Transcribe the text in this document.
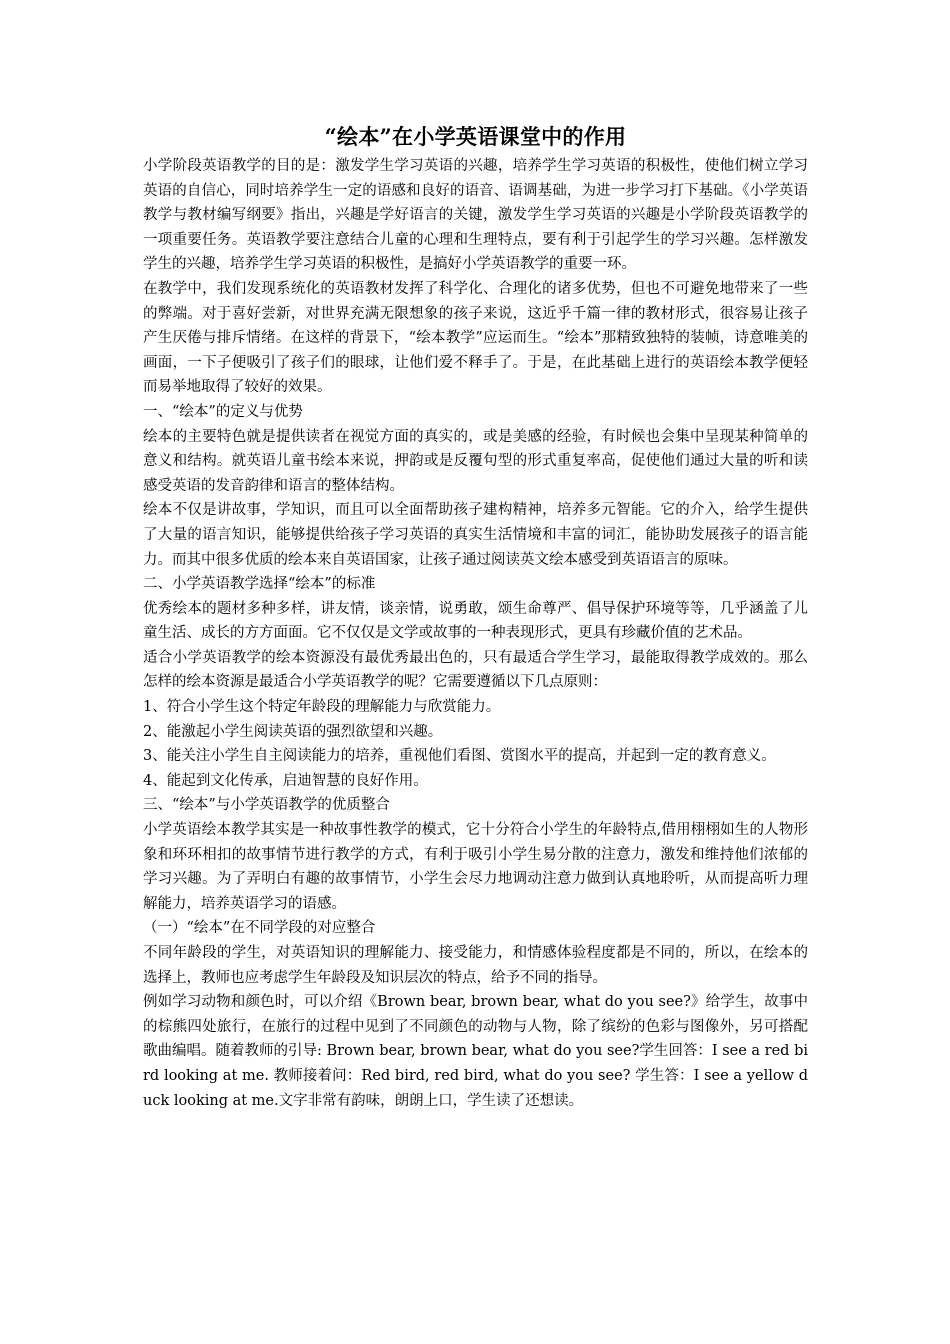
“绘本”在小学英语课堂中的作用

小学阶段英语教学的目的是：激发学生学习英语的兴趣，培养学生学习英语的积极性，使他们树立学习英语的自信心，同时培养学生一定的语感和良好的语音、语调基础，为进一步学习打下基础。《小学英语教学与教材编写纲要》指出，兴趣是学好语言的关键，激发学生学习英语的兴趣是小学阶段英语教学的一项重要任务。英语教学要注意结合儿童的心理和生理特点，要有利于引起学生的学习兴趣。怎样激发学生的兴趣，培养学生学习英语的积极性，是搞好小学英语教学的重要一环。

在教学中，我们发现系统化的英语教材发挥了科学化、合理化的诸多优势，但也不可避免地带来了一些的弊端。对于喜好尝新，对世界充满无限想象的孩子来说，这近乎千篇一律的教材形式，很容易让孩子产生厌倦与排斥情绪。在这样的背景下，“绘本教学”应运而生。“绘本”那精致独特的装帧，诗意唯美的画面，一下子便吸引了孩子们的眼球，让他们爱不释手了。于是，在此基础上进行的英语绘本教学便轻而易举地取得了较好的效果。

一、“绘本”的定义与优势

绘本的主要特色就是提供读者在视觉方面的真实的，或是美感的经验，有时候也会集中呈现某种简单的意义和结构。就英语儿童书绘本来说，押韵或是反覆句型的形式重复率高，促使他们通过大量的听和读感受英语的发音韵律和语言的整体结构。

绘本不仅是讲故事，学知识，而且可以全面帮助孩子建构精神，培养多元智能。它的介入，给学生提供了大量的语言知识，能够提供给孩子学习英语的真实生活情境和丰富的词汇，能协助发展孩子的语言能力。而其中很多优质的绘本来自英语国家，让孩子通过阅读英文绘本感受到英语语言的原味。

二、小学英语教学选择“绘本”的标准

优秀绘本的题材多种多样，讲友情，谈亲情，说勇敢，颂生命尊严、倡导保护环境等等，几乎涵盖了儿童生活、成长的方方面面。它不仅仅是文学或故事的一种表现形式，更具有珍藏价值的艺术品。

适合小学英语教学的绘本资源没有最优秀最出色的，只有最适合学生学习，最能取得教学成效的。那么怎样的绘本资源是最适合小学英语教学的呢？它需要遵循以下几点原则：

1、符合小学生这个特定年龄段的理解能力与欣赏能力。

2、能激起小学生阅读英语的强烈欲望和兴趣。

3、能关注小学生自主阅读能力的培养，重视他们看图、赏图水平的提高，并起到一定的教育意义。

4、能起到文化传承，启迪智慧的良好作用。

三、“绘本”与小学英语教学的优质整合

小学英语绘本教学其实是一种故事性教学的模式，它十分符合小学生的年龄特点,借用栩栩如生的人物形象和环环相扣的故事情节进行教学的方式，有利于吸引小学生易分散的注意力，激发和维持他们浓郁的学习兴趣。为了弄明白有趣的故事情节，小学生会尽力地调动注意力做到认真地聆听，从而提高听力理解能力，培养英语学习的语感。

（一）“绘本”在不同学段的对应整合

不同年龄段的学生，对英语知识的理解能力、接受能力，和情感体验程度都是不同的，所以，在绘本的选择上，教师也应考虑学生年龄段及知识层次的特点，给予不同的指导。

例如学习动物和颜色时，可以介绍《Brown bear, brown bear, what do you see?》给学生，故事中的棕熊四处旅行，在旅行的过程中见到了不同颜色的动物与人物，除了缤纷的色彩与图像外，另可搭配歌曲编唱。随着教师的引导: Brown bear, brown bear, what do you see?学生回答：I see a red bird looking at me. 教师接着问：Red bird, red bird, what do you see? 学生答：I see a yellow duck looking at me.文字非常有韵味，朗朗上口，学生读了还想读。
